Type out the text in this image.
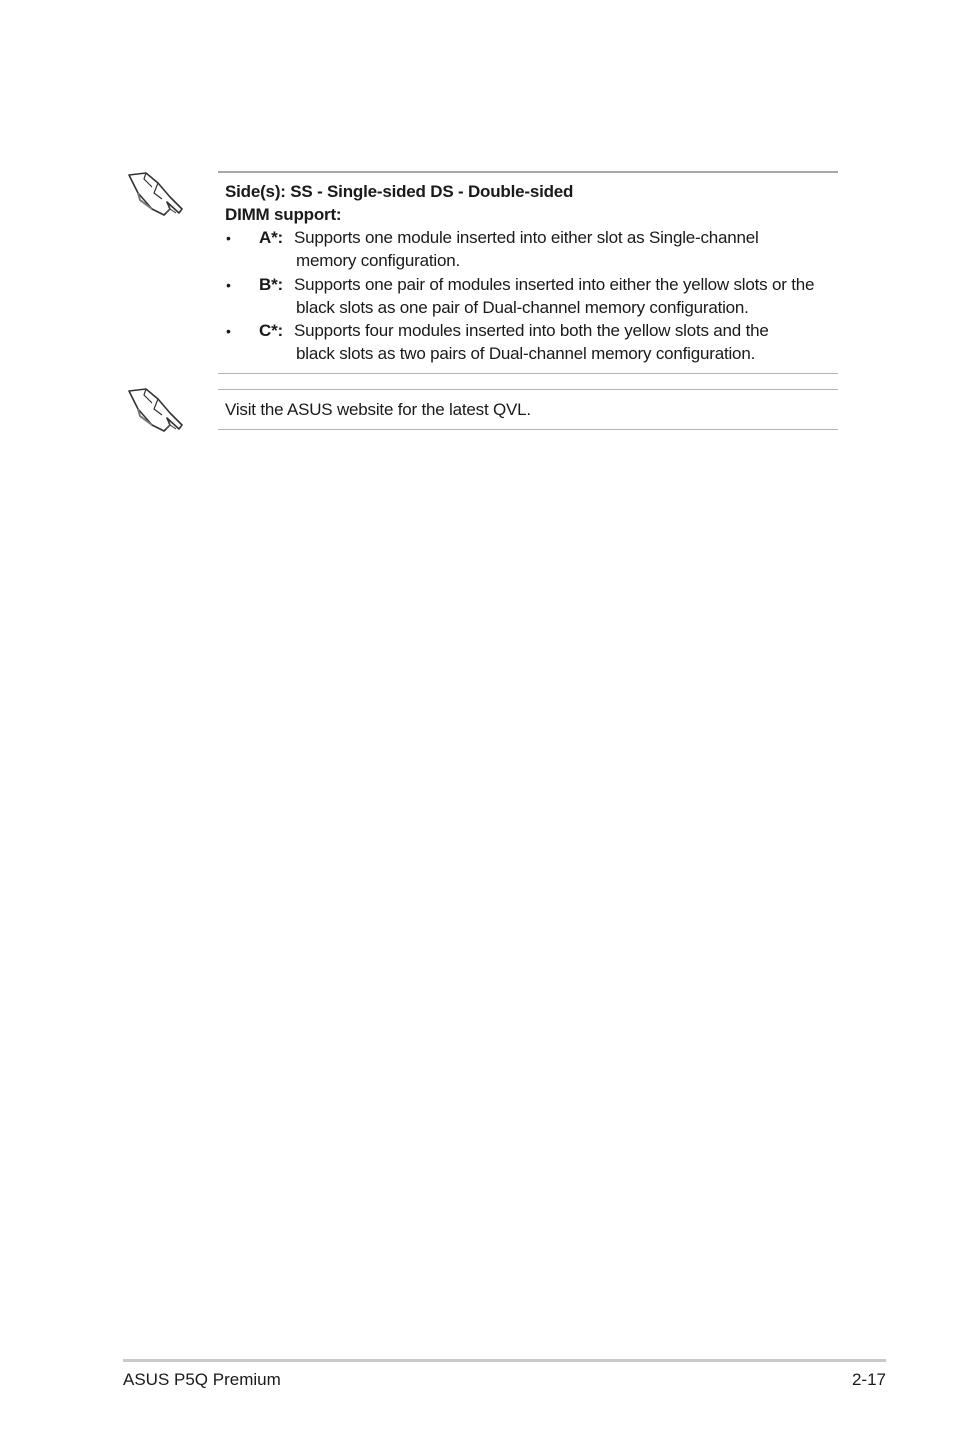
Side(s): SS - Single-sided DS - Double-sided
DIMM support:
• A*: Supports one module inserted into either slot as Single-channel
memory configuration.
• B*: Supports one pair of modules inserted into either the yellow slots or the
black slots as one pair of Dual-channel memory configuration.
• C*: Supports four modules inserted into both the yellow slots and the
black slots as two pairs of Dual-channel memory configuration.
Visit the ASUS website for the latest QVL.
ASUS P5Q Premium	2-17
